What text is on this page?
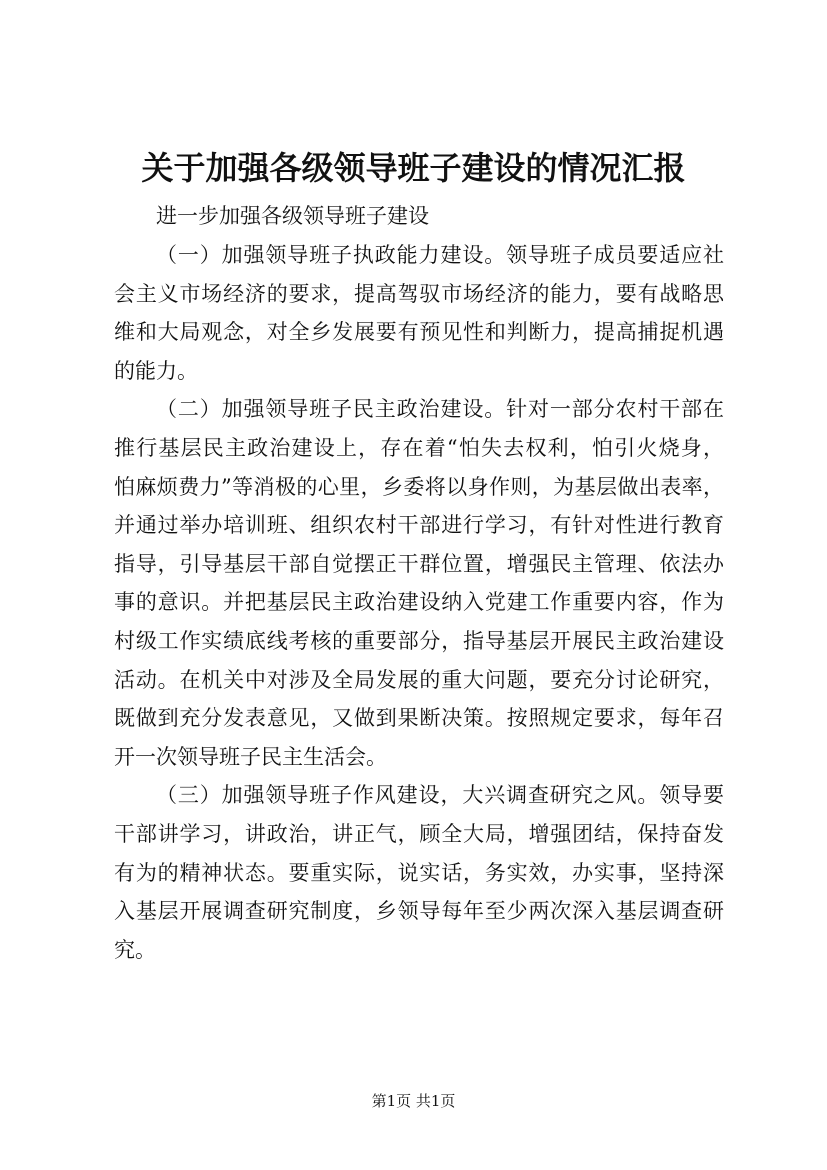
关于加强各级领导班子建设的情况汇报
进一步加强各级领导班子建设
（一）加强领导班子执政能力建设。领导班子成员要适应社
会主义市场经济的要求，提高驾驭市场经济的能力，要有战略思
维和大局观念，对全乡发展要有预见性和判断力，提高捕捉机遇
的能力。
（二）加强领导班子民主政治建设。针对一部分农村干部在
推行基层民主政治建设上，存在着“怕失去权利，怕引火烧身，
怕麻烦费力”等消极的心里，乡委将以身作则，为基层做出表率，
并通过举办培训班、组织农村干部进行学习，有针对性进行教育
指导，引导基层干部自觉摆正干群位置，增强民主管理、依法办
事的意识。并把基层民主政治建设纳入党建工作重要内容，作为
村级工作实绩底线考核的重要部分，指导基层开展民主政治建设
活动。在机关中对涉及全局发展的重大问题，要充分讨论研究，
既做到充分发表意见，又做到果断决策。按照规定要求，每年召
开一次领导班子民主生活会。
（三）加强领导班子作风建设，大兴调查研究之风。领导要
干部讲学习，讲政治，讲正气，顾全大局，增强团结，保持奋发
有为的精神状态。要重实际，说实话，务实效，办实事，坚持深
入基层开展调查研究制度，乡领导每年至少两次深入基层调查研
究。
第1页 共1页
